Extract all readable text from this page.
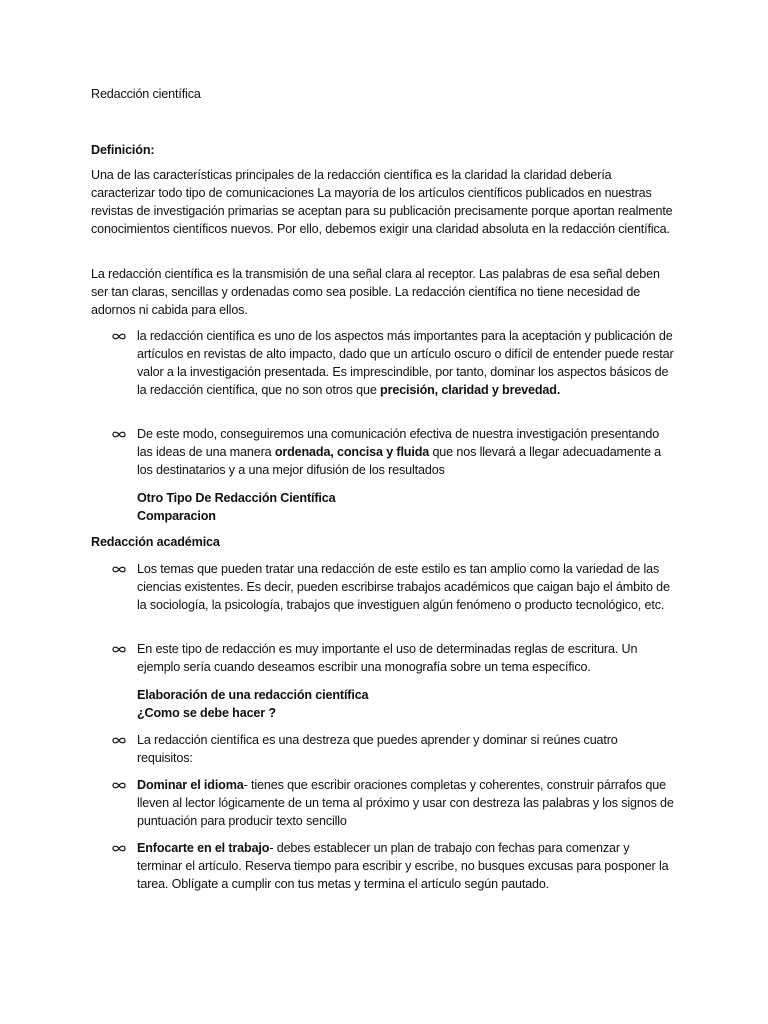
Redacción científica

Definición:

Una de las características principales de la redacción científica es la claridad la claridad debería caracterizar todo tipo de comunicaciones La mayoría de los artículos científicos publicados en nuestras revistas de investigación primarias se aceptan para su publicación precisamente porque aportan realmente conocimientos científicos nuevos. Por ello, debemos exigir una claridad absoluta en la redacción científica.

La redacción científica es la transmisión de una señal clara al receptor. Las palabras de esa señal deben ser tan claras, sencillas y ordenadas como sea posible. La redacción científica no tiene necesidad de adornos ni cabida para ellos.

la redacción científica es uno de los aspectos más importantes para la aceptación y publicación de artículos en revistas de alto impacto, dado que un artículo oscuro o difícil de entender puede restar valor a la investigación presentada. Es imprescindible, por tanto, dominar los aspectos básicos de la redacción científica, que no son otros que precisión, claridad y brevedad.
De este modo, conseguiremos una comunicación efectiva de nuestra investigación presentando las ideas de una manera ordenada, concisa y fluida que nos llevará a llegar adecuadamente a los destinatarios y a una mejor difusión de los resultados

Otro Tipo De Redacción Científica

Comparacion

Redacción académica

Los temas que pueden tratar una redacción de este estilo es tan amplio como la variedad de las ciencias existentes. Es decir, pueden escribirse trabajos académicos que caigan bajo el ámbito de la sociología, la psicología, trabajos que investiguen algún fenómeno o producto tecnológico, etc.
En este tipo de redacción es muy importante el uso de determinadas reglas de escritura. Un ejemplo sería cuando deseamos escribir una monografía sobre un tema específico.

Elaboración de una redacción científica

¿Como se debe hacer ?

La redacción científica es una destreza que puedes aprender y dominar si reúnes cuatro requisitos:
Dominar el idioma- tienes que escribir oraciones completas y coherentes, construir párrafos que lleven al lector lógicamente de un tema al próximo y usar con destreza las palabras y los signos de puntuación para producir texto sencillo
Enfocarte en el trabajo- debes establecer un plan de trabajo con fechas para comenzar y terminar el artículo. Reserva tiempo para escribir y escribe, no busques excusas para posponer la tarea. Oblígate a cumplir con tus metas y termina el artículo según pautado.
